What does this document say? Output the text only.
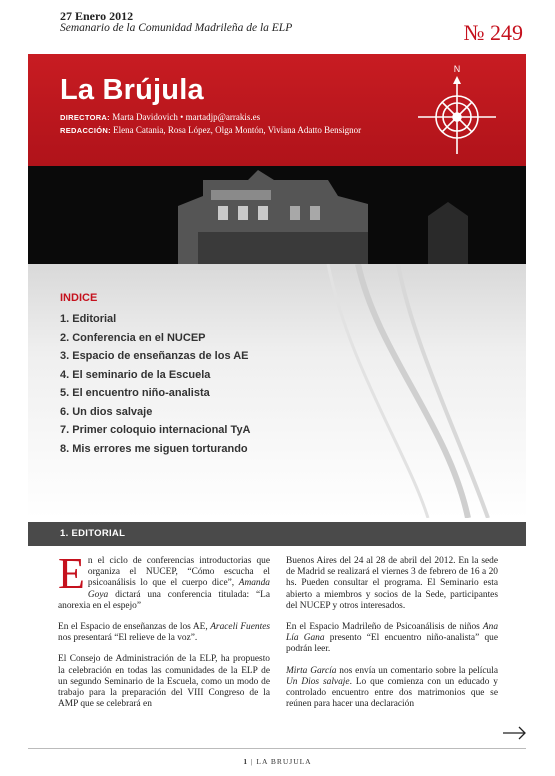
27 Enero 2012
Semanario de la Comunidad Madrileña de la ELP	№ 249
La Brújula
DIRECTORA: Marta Davidovich • martadjp@arrakis.es
REDACCIÓN: Elena Catania, Rosa López, Olga Montón, Viviana Adatto Bensignor
N
INDICE
1. Editorial
2. Conferencia en el NUCEP
3. Espacio de enseñanzas de los AE
4. El seminario de la Escuela
5. El encuentro niño-analista
6. Un dios salvaje
7. Primer coloquio internacional TyA
8. Mis errores me siguen torturando
1. EDITORIAL

En el ciclo de conferencias introductorias que organiza el NUCEP, “Cómo escucha el psicoanálisis lo que el cuerpo dice”, Amanda Goya dictará una conferencia titulada: “La anorexia en el espejo”

En el Espacio de enseñanzas de los AE, Araceli Fuentes nos presentará “El relieve de la voz”.

El Consejo de Administración de la ELP, ha propuesto la celebración en todas las comunidades de la ELP de un segundo Seminario de la Escuela, como un modo de trabajo para la preparación del VIII Congreso de la AMP que se celebrará en

Buenos Aires del 24 al 28 de abril del 2012. En la sede de Madrid se realizará el viernes 3 de febrero de 16 a 20 hs. Pueden consultar el programa. El Seminario esta abierto a miembros y socios de la Sede, participantes del NUCEP y otros interesados.

En el Espacio Madrileño de Psicoanálisis de niños Ana Lía Gana presento “El encuentro niño-analista” que podrán leer.

Mirta García nos envía un comentario sobre la película Un Dios salvaje. Lo que comienza con un educado y controlado encuentro entre dos matrimonios que se reúnen para hacer una declaración

1 | LA BRUJULA
